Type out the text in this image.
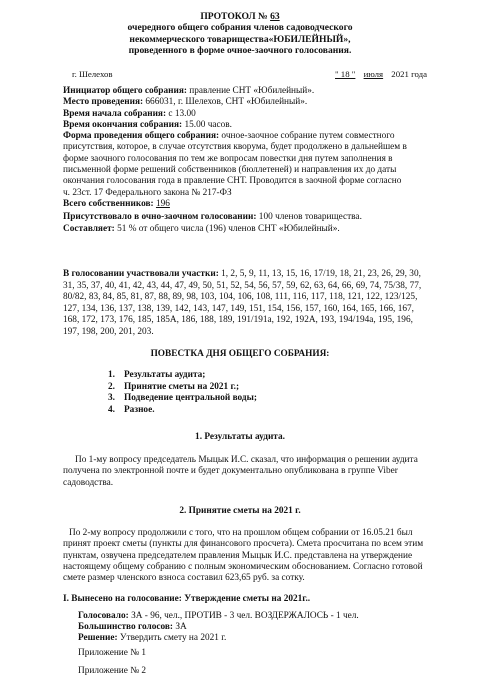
ПРОТОКОЛ № 63
очередного общего собрания членов садоводческого
некоммерческого товарищества«ЮБИЛЕЙНЫЙ»,
проведенного в форме очное-заочного голосования.
г. Шелехов	" 18 " июля 2021 года
Инициатор общего собрания: правление СНТ «Юбилейный».
Место проведения: 666031, г. Шелехов, СНТ «Юбилейный».
Время начала собрания: с 13.00
Время окончания собрания: 15.00 часов.
Форма проведения общего собрания: очное-заочное собрание путем совместного
присутствия, которое, в случае отсутствия кворума, будет продолжено в дальнейшем в
форме заочного голосования по тем же вопросам повестки дня путем заполнения в
письменной форме решений собственников (бюллетеней) и направления их до даты
окончания голосования года в правление СНТ. Проводится в заочной форме согласно
ч. 23ст. 17 Федерального закона № 217-ФЗ
Всего собственников: 196
Присутствовало в очно-заочном голосовании: 100 членов товарищества.
Составляет: 51 % от общего числа (196) членов СНТ «Юбилейный».
В голосовании участвовали участки: 1, 2, 5, 9, 11, 13, 15, 16, 17/19, 18, 21, 23, 26, 29, 30,
31, 35, 37, 40, 41, 42, 43, 44, 47, 49, 50, 51, 52, 54, 56, 57, 59, 62, 63, 64, 66, 69, 74, 75/38, 77,
80/82, 83, 84, 85, 81, 87, 88, 89, 98, 103, 104, 106, 108, 111, 116, 117, 118, 121, 122, 123/125,
127, 134, 136, 137, 138, 139, 142, 143, 147, 149, 151, 154, 156, 157, 160, 164, 165, 166, 167,
168, 172, 173, 176, 185, 185А, 186, 188, 189, 191/191а, 192, 192А, 193, 194/194а, 195, 196,
197, 198, 200, 201, 203.
ПОВЕСТКА ДНЯ ОБЩЕГО СОБРАНИЯ:
1. Результаты аудита;
2. Принятие сметы на 2021 г.;
3. Подведение центральной воды;
4. Разное.
1. Результаты аудита.
По 1-му вопросу председатель Мыцык И.С. сказал, что информация о решении аудита
получена по электронной почте и будет документально опубликована в группе Viber
садоводства.
2. Принятие сметы на 2021 г.
По 2-му вопросу продолжили с того, что на прошлом общем собрании от 16.05.21 был
принят проект сметы (пункты для финансового просчета). Смета просчитана по всем этим
пунктам, озвучена председателем правления Мыцык И.С. представлена на утверждение
настоящему общему собранию с полным экономическим обоснованием. Согласно готовой
смете размер членского взноса составил 623,65 руб. за сотку.
I. Вынесено на голосование: Утверждение сметы на 2021г..
Голосовало: ЗА - 96, чел., ПРОТИВ - 3 чел. ВОЗДЕРЖАЛОСЬ - 1 чел.
Большинство голосов: ЗА
Решение: Утвердить смету на 2021 г.
Приложение № 1
Приложение № 2
